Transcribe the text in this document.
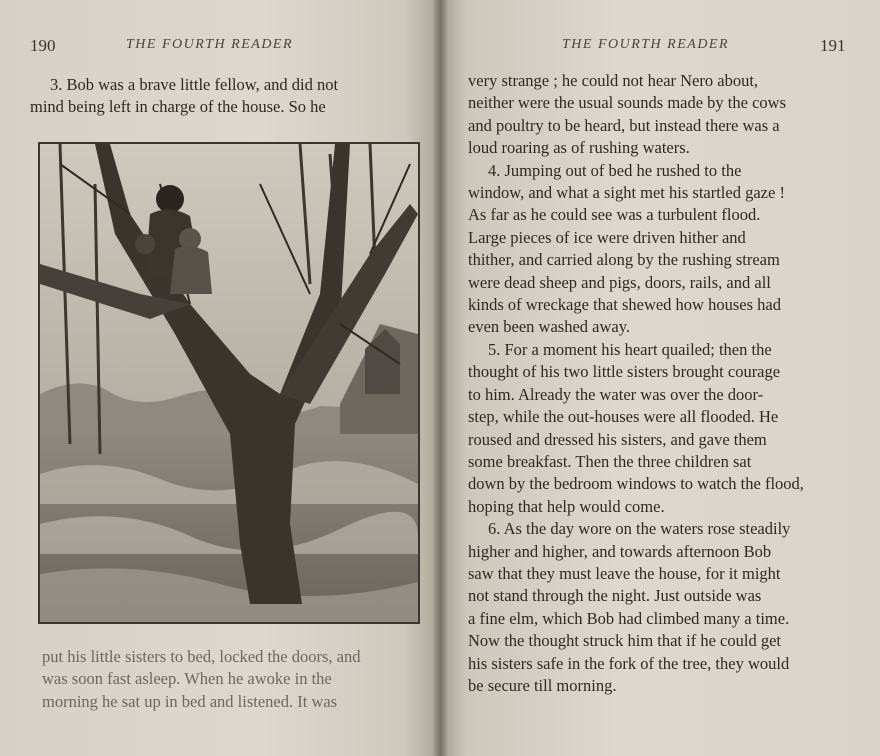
190	THE FOURTH READER

3. Bob was a brave little fellow, and did not

mind being left in charge of the house. So he

put his little sisters to bed, locked the doors, and

was soon fast asleep. When he awoke in the

morning he sat up in bed and listened. It was

THE FOURTH READER	191

very strange ; he could not hear Nero about,

neither were the usual sounds made by the cows

and poultry to be heard, but instead there was a

loud roaring as of rushing waters.

4. Jumping out of bed he rushed to the

window, and what a sight met his startled gaze !

As far as he could see was a turbulent flood.

Large pieces of ice were driven hither and

thither, and carried along by the rushing stream

were dead sheep and pigs, doors, rails, and all

kinds of wreckage that shewed how houses had

even been washed away.

5. For a moment his heart quailed; then the

thought of his two little sisters brought courage

to him. Already the water was over the door-

step, while the out-houses were all flooded. He

roused and dressed his sisters, and gave them

some breakfast. Then the three children sat

down by the bedroom windows to watch the flood,

hoping that help would come.

6. As the day wore on the waters rose steadily

higher and higher, and towards afternoon Bob

saw that they must leave the house, for it might

not stand through the night. Just outside was

a fine elm, which Bob had climbed many a time.

Now the thought struck him that if he could get

his sisters safe in the fork of the tree, they would

be secure till morning.
